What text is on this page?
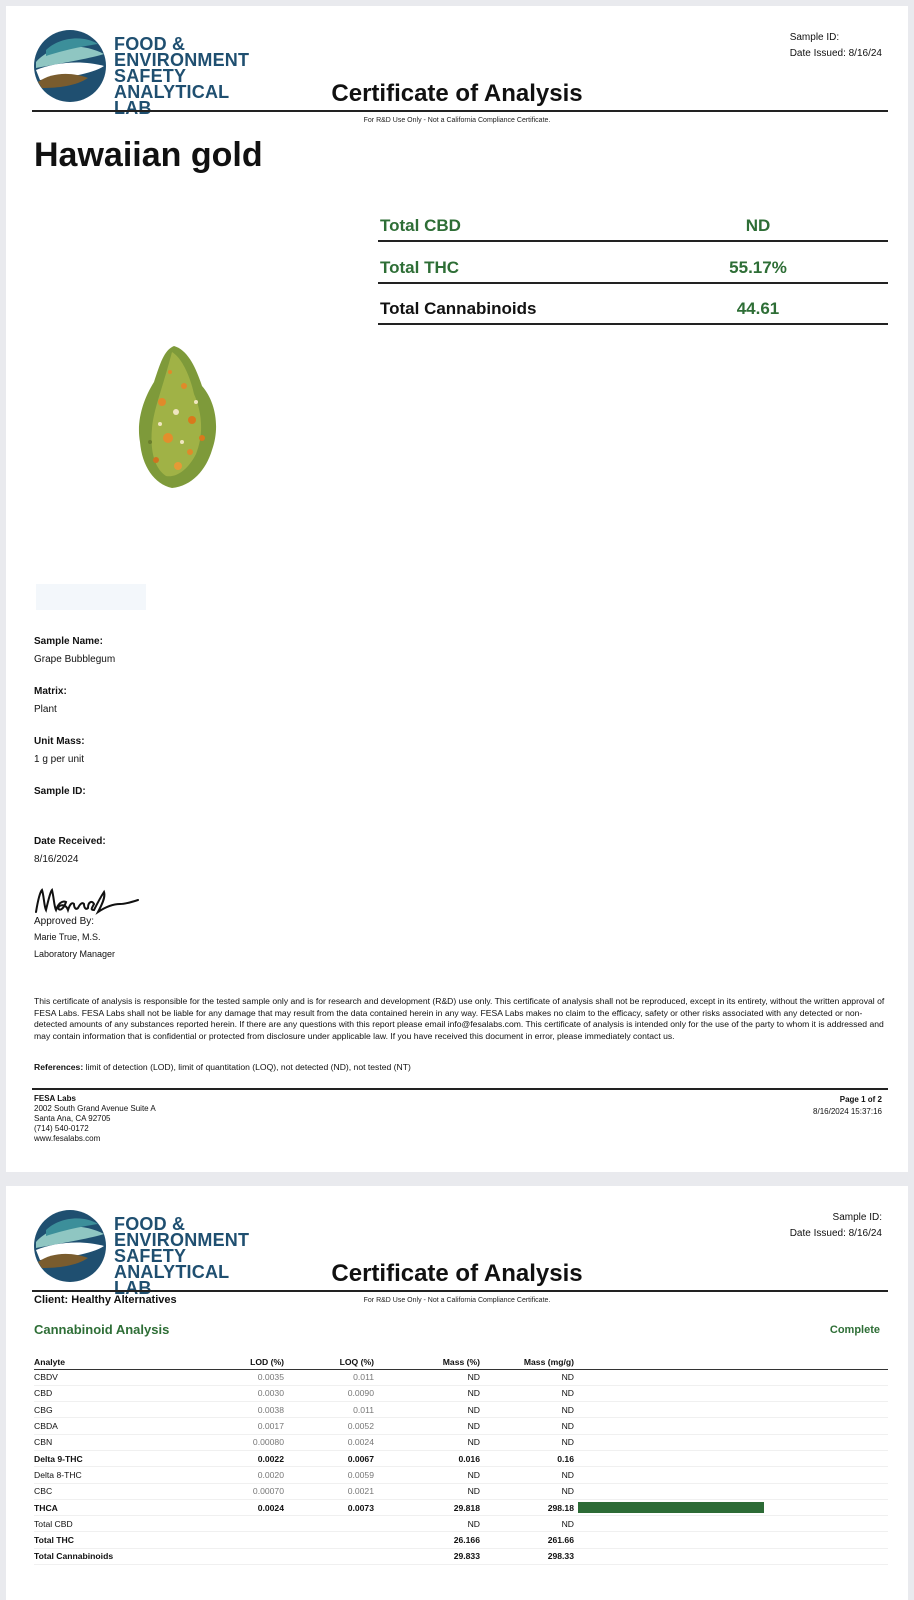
FOOD &
ENVIRONMENT
SAFETY
ANALYTICAL LAB
Sample ID:
Date Issued: 8/16/24
Certificate of Analysis
For R&D Use Only - Not a California Compliance Certificate.
Hawaiian gold
Total CBD	ND
Total THC	55.17%
Total Cannabinoids	44.61
Sample Name:
Grape Bubblegum
Matrix:
Plant
Unit Mass:
1 g per unit
Sample ID:
Date Received:
8/16/2024
Approved By:
Marie True, M.S.
Laboratory Manager
This certificate of analysis is responsible for the tested sample only and is for research and development (R&D) use only. This certificate of analysis shall not be reproduced, except in its entirety, without the written approval of FESA Labs. FESA Labs shall not be liable for any damage that may result from the data contained herein in any way. FESA Labs makes no claim to the efficacy, safety or other risks associated with any detected or non-detected amounts of any substances reported herein. If there are any questions with this report please email info@fesalabs.com. This certificate of analysis is intended only for the use of the party to whom it is addressed and may contain information that is confidential or protected from disclosure under applicable law. If you have received this document in error, please immediately contact us.
References: limit of detection (LOD), limit of quantitation (LOQ), not detected (ND), not tested (NT)
FESA Labs
2002 South Grand Avenue Suite A
Santa Ana, CA 92705
(714) 540-0172
www.fesalabs.com
Page 1 of 2
8/16/2024 15:37:16
FOOD &
ENVIRONMENT
SAFETY
ANALYTICAL LAB
Sample ID:
Date Issued: 8/16/24
Certificate of Analysis
For R&D Use Only - Not a California Compliance Certificate.
Client: Healthy Alternatives
Cannabinoid Analysis	Complete
Analyte	LOD (%)	LOQ (%)	Mass (%)	Mass (mg/g)	
CBDV	0.0035	0.011	ND	ND	
CBD	0.0030	0.0090	ND	ND	
CBG	0.0038	0.011	ND	ND	
CBDA	0.0017	0.0052	ND	ND	
CBN	0.00080	0.0024	ND	ND	
Delta 9-THC	0.0022	0.0067	0.016	0.16	
Delta 8-THC	0.0020	0.0059	ND	ND	
CBC	0.00070	0.0021	ND	ND	
THCA	0.0024	0.0073	29.818	298.18	
Total CBD			ND	ND	
Total THC			26.166	261.66	
Total Cannabinoids			29.833	298.33	
